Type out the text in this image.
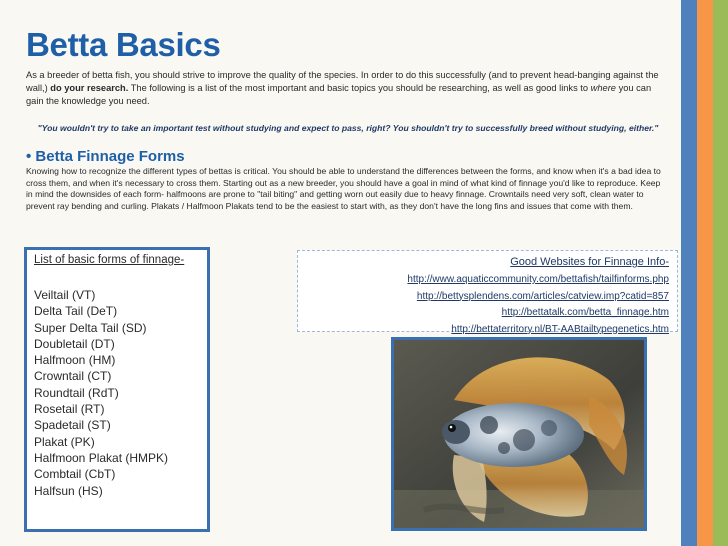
Betta Basics
As a breeder of betta fish, you should strive to improve the quality of the species. In order to do this successfully (and to prevent head-banging against the wall,) do your research. The following is a list of the most important and basic topics you should be researching, as well as good links to where you can gain the knowledge you need.
"You wouldn't try to take an important test without studying and expect to pass, right? You shouldn't try to successfully breed without studying, either."
• Betta Finnage Forms
Knowing how to recognize the different types of bettas is critical. You should be able to understand the differences between the forms, and know when it's a bad idea to cross them, and when it's necessary to cross them. Starting out as a new breeder, you should have a goal in mind of what kind of finnage you'd like to reproduce. Keep in mind the downsides of each form- halfmoons are prone to "tail biting" and getting worn out easily due to heavy finnage. Crowntails need very soft, clean water to prevent ray bending and curling. Plakats / Halfmoon Plakats tend to be the easiest to start with, as they don't have the long fins and issues that come with them.
List of basic forms of finnage-
Veiltail (VT)
Delta Tail (DeT)
Super Delta Tail (SD)
Doubletail (DT)
Halfmoon (HM)
Crowntail (CT)
Roundtail (RdT)
Rosetail (RT)
Spadetail (ST)
Plakat (PK)
Halfmoon Plakat (HMPK)
Combtail (CbT)
Halfsun (HS)
Good Websites for Finnage Info-
http://www.aquaticcommunity.com/bettafish/tailfinforms.php
http://bettysplendens.com/articles/catview.imp?catid=857
http://bettatalk.com/betta_finnage.htm
http://bettaterritory.nl/BT-AABtailtypegenetics.htm
